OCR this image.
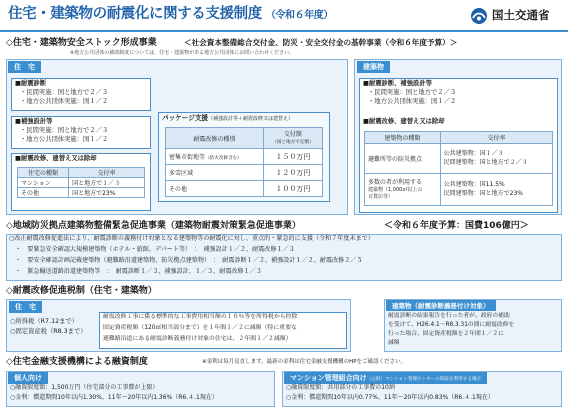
住宅・建築物の耐震化に関する支援制度 （令和６年度）	国土交通省
◇住宅・建築物安全ストック形成事業	＜社会資本整備総合交付金、防災・安全交付金の基幹事業（令和６年度予算）＞
※地方公共団体の補助制度については、住宅・建築物がある地方公共団体にお問い合わせください。
住　宅
■耐震診断
・民間実施：国と地方で２／３
・地方公共団体実施：国１／２
■補強設計等
・民間実施：国と地方で２／３
・地方公共団体実施：国１／２
■耐震改修、建替え又は除却
住宅の種類	交付率
マンション	国と地方で１／３
その他	国と地方で23%
パッケージ支援（補強設計等＋耐震改修又は建替え）
耐震改修の種別	交付額
（国と地方で定額）
密集市街地等（防火改修含む）	１５０万円
多雪区域	１２０万円
その他	１００万円
建築物
■耐震診断、補強設計等
・民間実施：国と地方で２／３
・地方公共団体実施：国１／２
■耐震改修、建替え又は除却
建築物の種類	交付率
避難所等の防災拠点	公共建築物：国１／３
民間建築物：国と地方で２／３
多数の者が利用する
建築物（1,000㎡以上の
百貨店等）	公共建築物：国11.5%
民間建築物：国と地方で23%
◇地域防災拠点建築物整備緊急促進事業（建築物耐震対策緊急促進事業）	＜令和６年度予算：国費106億円＞
○改正耐震改修促進法により、耐震診断の義務付け対象となる建築物等の耐震化に対し、重点的・緊急的に支援（令和７年度末まで）
　・　要緊急安全確認大規模建築物（ホテル・旅館、デパート等）　：　補強設計１／２、耐震改修１／３
　・　要安全確認計画記載建築物（避難路沿道建築物、防災拠点建築物）　：　耐震診断１／２、補強設計１／２、耐震改修２／５
　・　緊急輸送道路沿道建築物等　：　耐震診断１／３、補強設計、１／３、耐震改修１／３
◇耐震改修促進税制（住宅・建築物）
住　宅
○所得税（R7.12まで）
○固定資産税（R8.3まで）
耐震改修工事に係る標準的な工事費用相当額の１０％等を所得税から控除
固定資産税額（120㎡相当部分まで）を１年間１／２に減額（特に重要な
避難路沿道にある耐震診断義務付け対象の住宅は、２年間１／２減額）
建築物（耐震診断義務付け対象）
耐震診断の結果報告を行った者が、政府の補助
を受けて、H26.4.1～R8.3.31の間に耐震改修を
行った場合、固定資産税額を２年間１／２に
減額
◇住宅金融支援機構による融資制度	※金利は毎月見直します。最新の金利は住宅金融支援機構のHPをご確認ください。
個人向け
○融資限度額：1,500万円（住宅部分の工事費が上限）
○金利：償還期間10年以内1.30%、11年～20年以内1.36%（R6.４.1現在）
マンション管理組合向け（公財）マンション管理センターの保証を利用する場合
○融資限度額：共用部分の工事費の10割
○金利：償還期間10年以内0.77%、11年～20年以内0.83%（R6.４.1現在）
